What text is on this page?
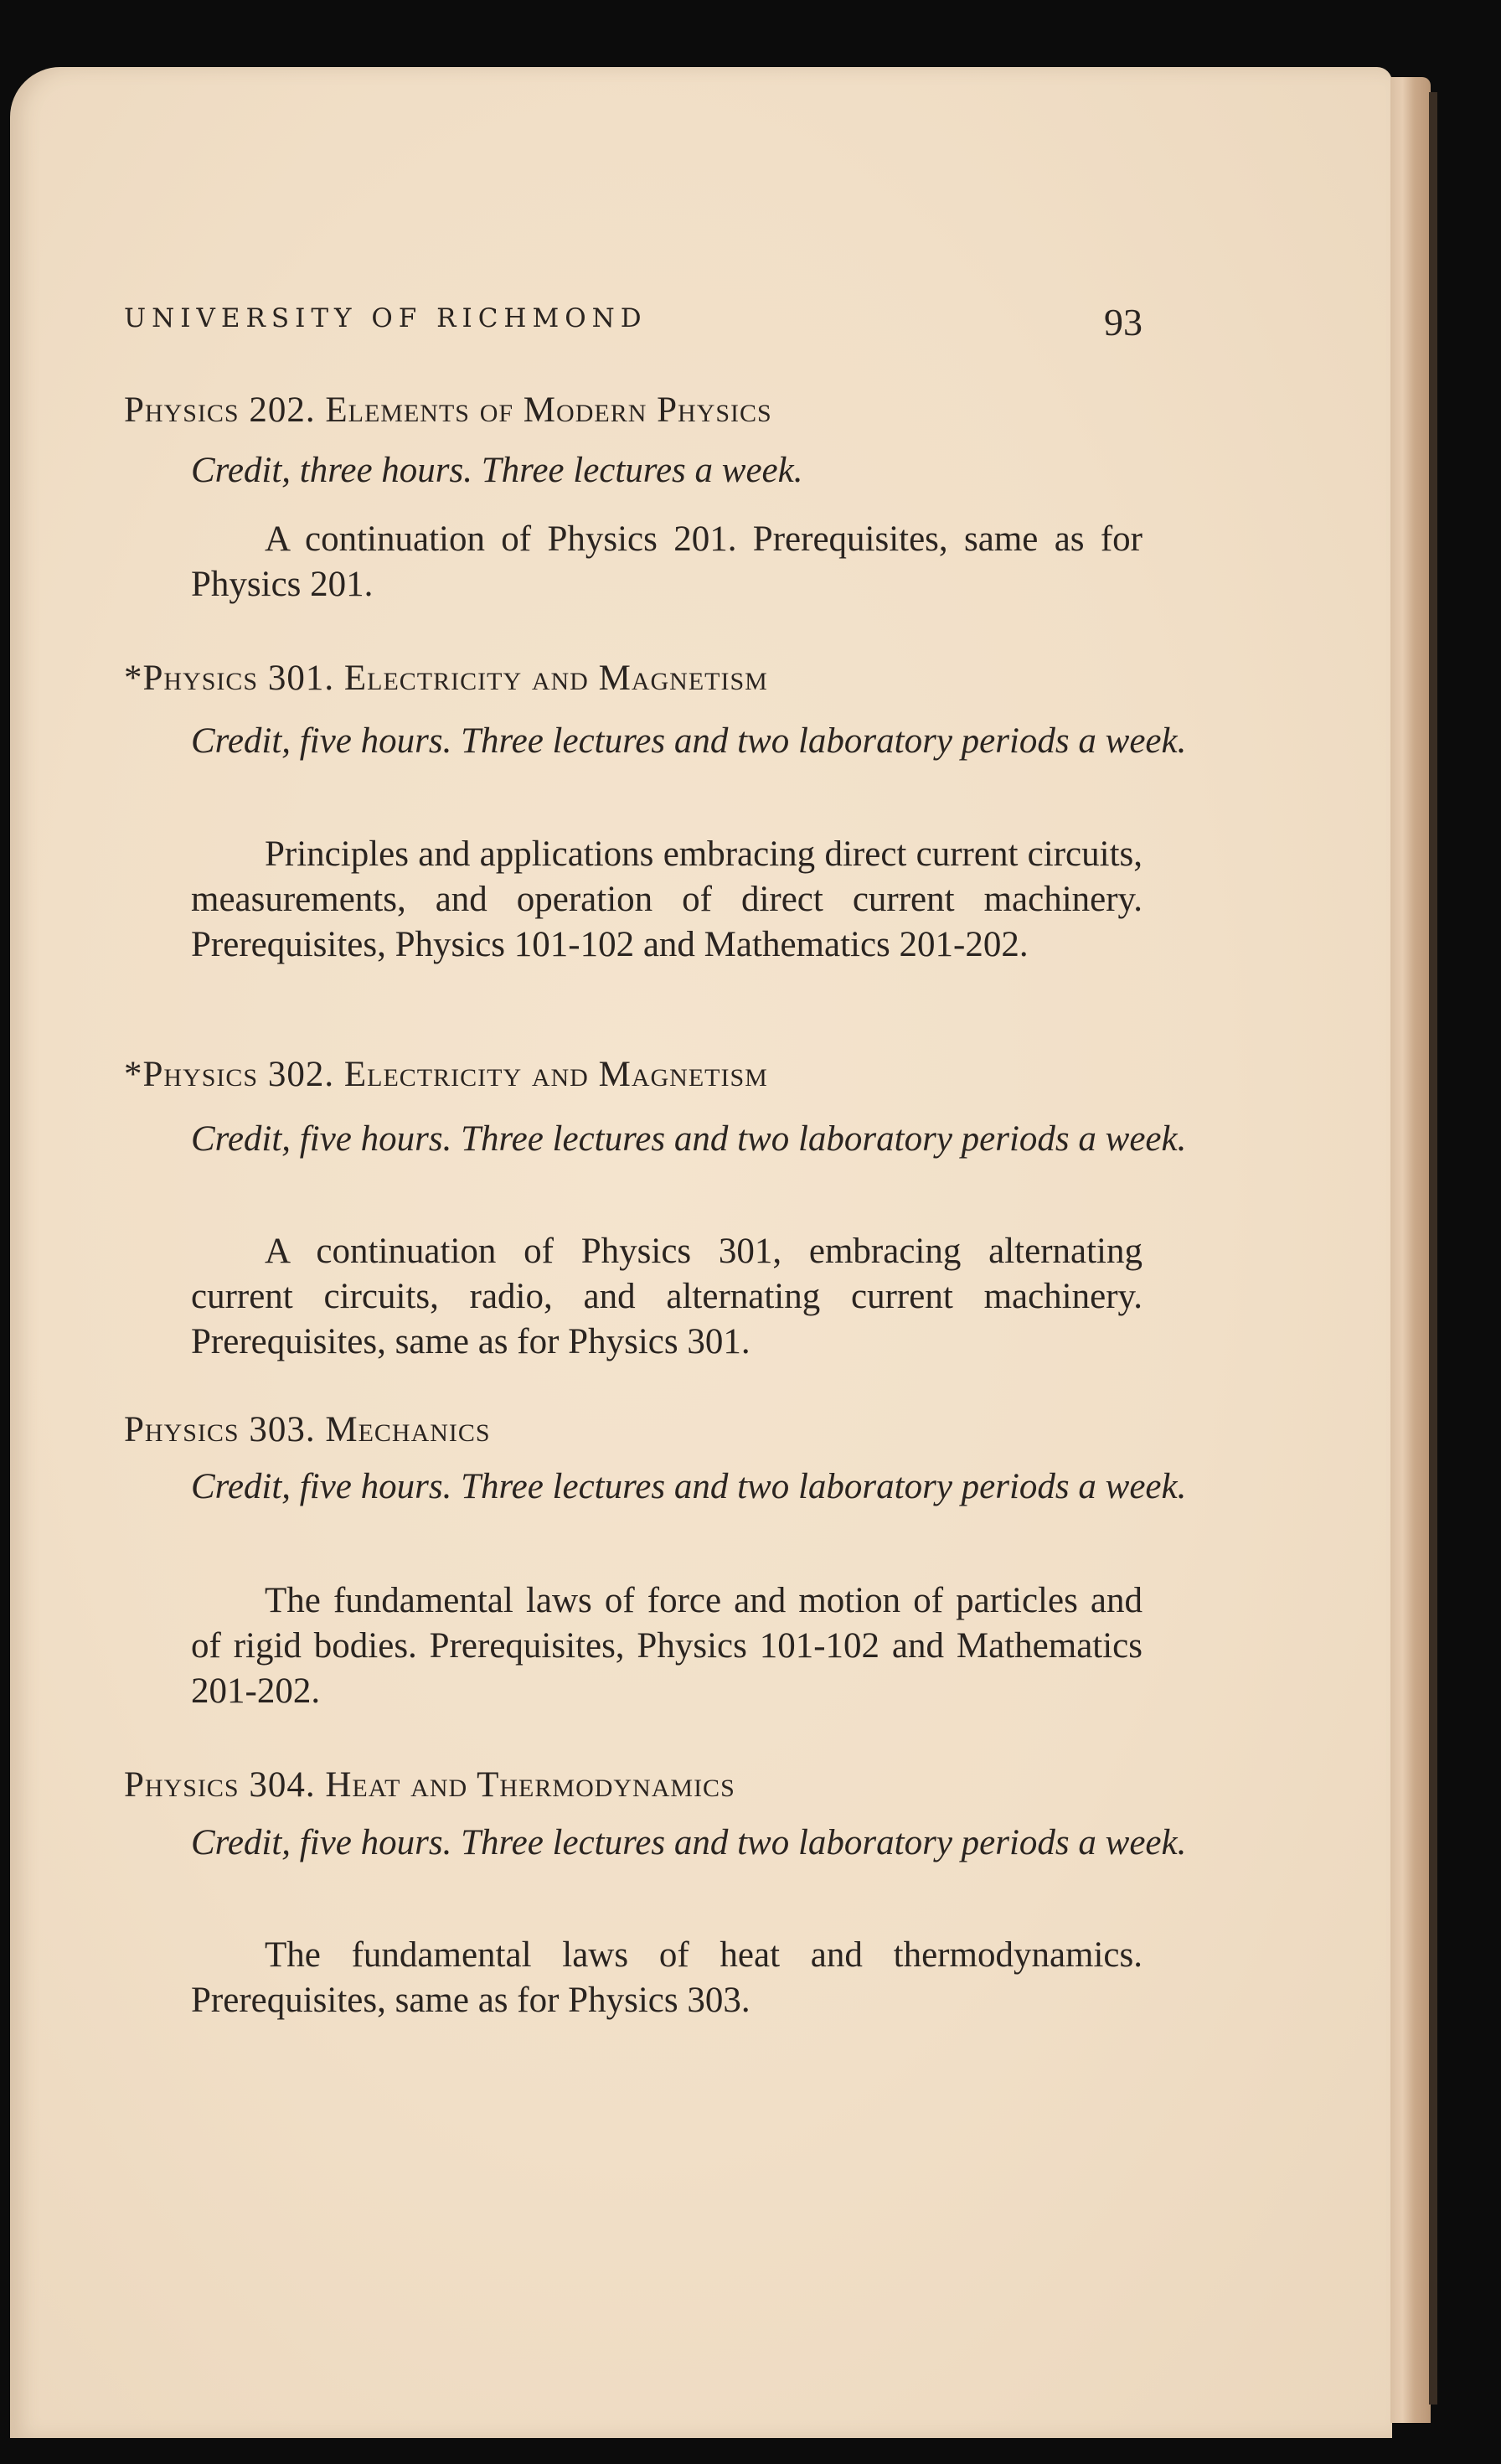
UNIVERSITY OF RICHMOND	93
Physics 202. Elements of Modern Physics
Credit, three hours. Three lectures a week.
A continuation of Physics 201. Prerequisites, same as for Physics 201.
*Physics 301. Electricity and Magnetism
Credit, five hours. Three lectures and two laboratory periods a week.
Principles and applications embracing direct current circuits, measurements, and operation of direct current machinery. Prerequisites, Physics 101-102 and Mathematics 201-202.
*Physics 302. Electricity and Magnetism
Credit, five hours. Three lectures and two laboratory periods a week.
A continuation of Physics 301, embracing alternating current circuits, radio, and alternating current machinery. Prerequisites, same as for Physics 301.
Physics 303. Mechanics
Credit, five hours. Three lectures and two laboratory periods a week.
The fundamental laws of force and motion of particles and of rigid bodies. Prerequisites, Physics 101-102 and Mathematics 201-202.
Physics 304. Heat and Thermodynamics
Credit, five hours. Three lectures and two laboratory periods a week.
The fundamental laws of heat and thermodynamics. Prerequisites, same as for Physics 303.
